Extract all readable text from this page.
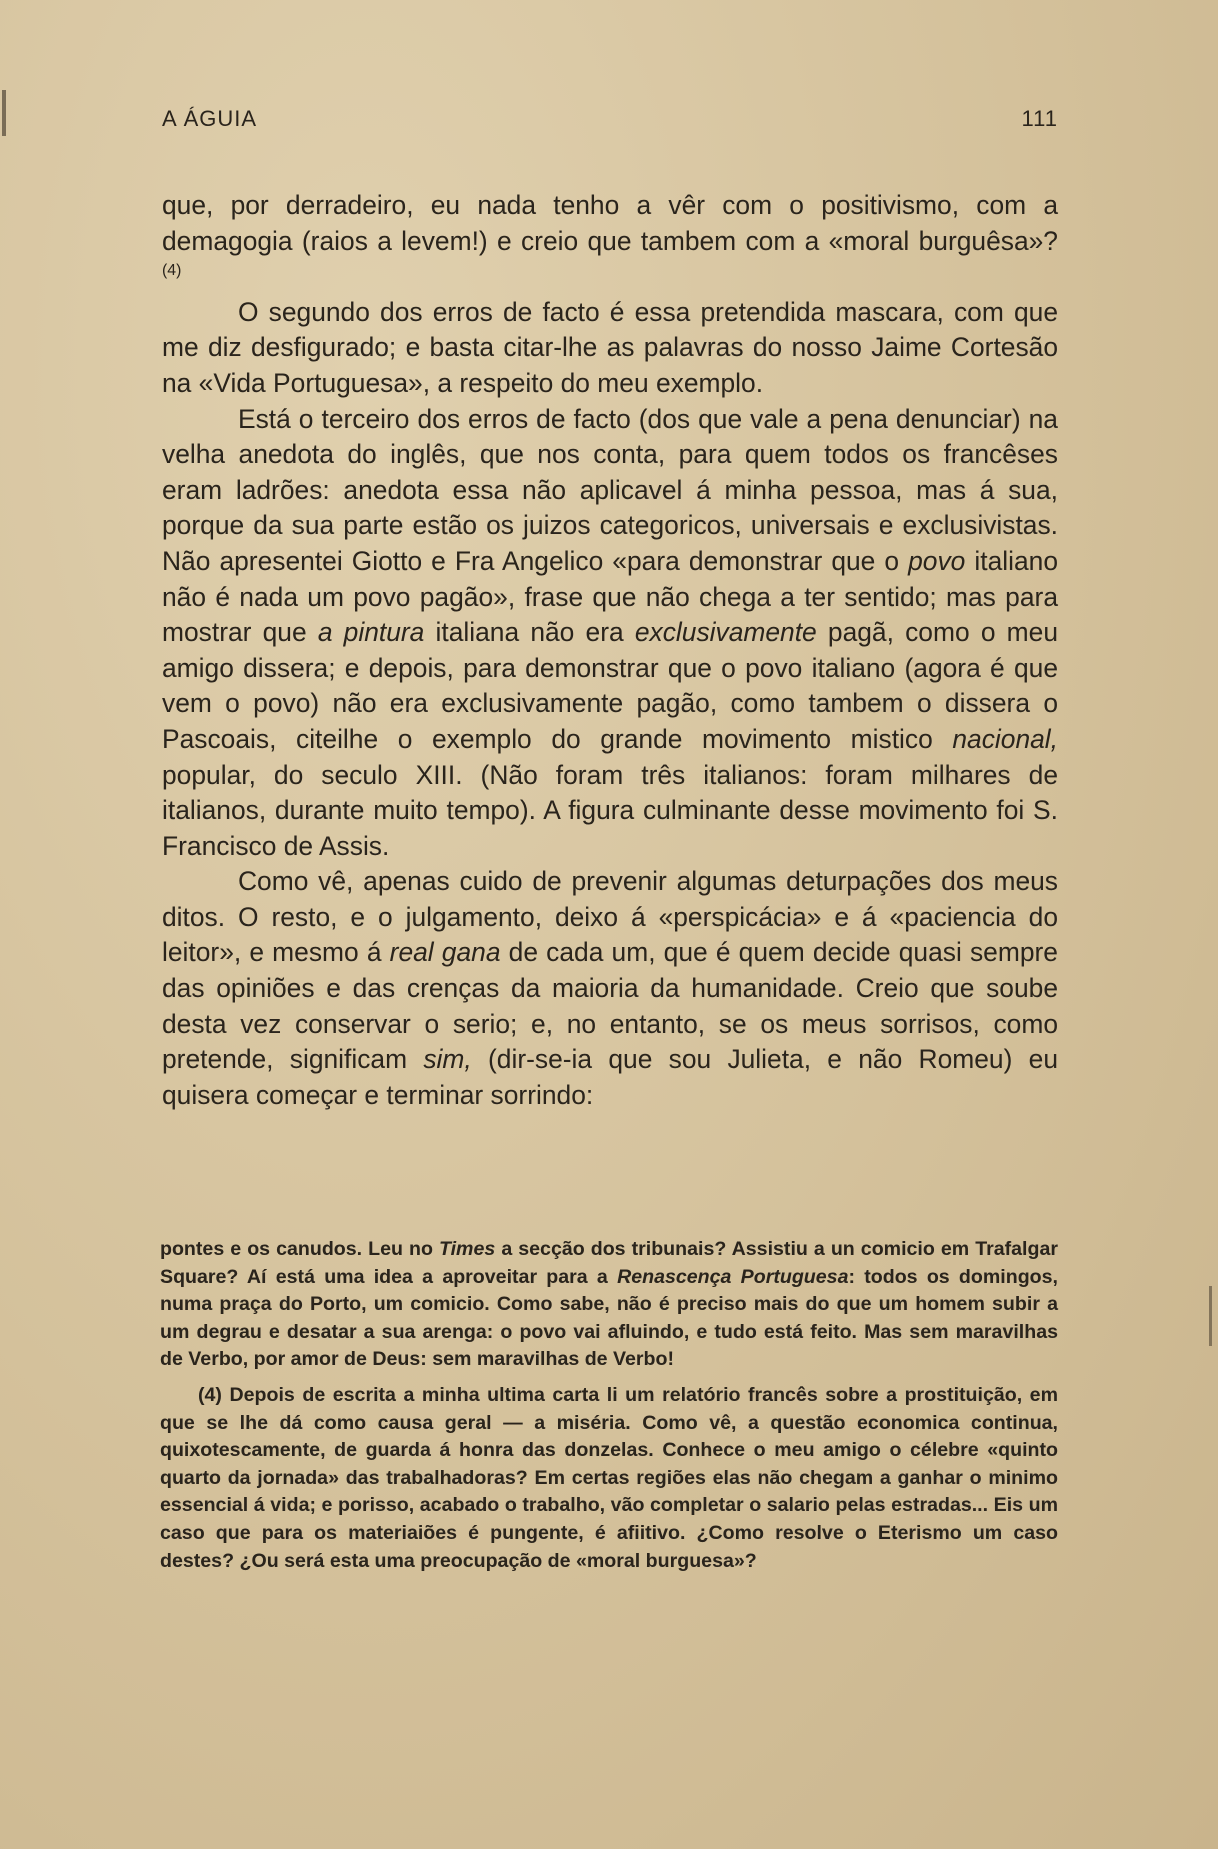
A ÁGUIA	111

que, por derradeiro, eu nada tenho a vêr com o positivismo, com a demagogia (raios a levem!) e creio que tambem com a «moral burguêsa»? $^{(4)}$

O segundo dos erros de facto é essa pretendida mascara, com que me diz desfigurado; e basta citar-lhe as palavras do nosso Jaime Cortesão na «Vida Portuguesa», a respeito do meu exemplo.

Está o terceiro dos erros de facto (dos que vale a pena denunciar) na velha anedota do inglês, que nos conta, para quem todos os francêses eram ladrões: anedota essa não aplicavel á minha pessoa, mas á sua, porque da sua parte estão os juizos categoricos, universais e exclusivistas. Não apresentei Giotto e Fra Angelico «para demonstrar que o povo italiano não é nada um povo pagão», frase que não chega a ter sentido; mas para mostrar que a pintura italiana não era exclusivamente pagã, como o meu amigo dissera; e depois, para demonstrar que o povo italiano (agora é que vem o povo) não era exclusivamente pagão, como tambem o dissera o Pascoais, citeilhe o exemplo do grande movimento mistico nacional, popular, do seculo XIII. (Não foram três italianos: foram milhares de italianos, durante muito tempo). A figura culminante desse movimento foi S. Francisco de Assis.

Como vê, apenas cuido de prevenir algumas deturpações dos meus ditos. O resto, e o julgamento, deixo á «perspicácia» e á «paciencia do leitor», e mesmo á real gana de cada um, que é quem decide quasi sempre das opiniões e das crenças da maioria da humanidade. Creio que soube desta vez conservar o serio; e, no entanto, se os meus sorrisos, como pretende, significam sim, (dir-se-ia que sou Julieta, e não Romeu) eu quisera começar e terminar sorrindo:

pontes e os canudos. Leu no Times a secção dos tribunais? Assistiu a un comicio em Trafalgar Square? Aí está uma idea a aproveitar para a Renascença Portuguesa: todos os domingos, numa praça do Porto, um comicio. Como sabe, não é preciso mais do que um homem subir a um degrau e desatar a sua arenga: o povo vai afluindo, e tudo está feito. Mas sem maravilhas de Verbo, por amor de Deus: sem maravilhas de Verbo!

(4) Depois de escrita a minha ultima carta li um relatório francês sobre a prostituição, em que se lhe dá como causa geral — a miséria. Como vê, a questão economica continua, quixotescamente, de guarda á honra das donzelas. Conhece o meu amigo o célebre «quinto quarto da jornada» das trabalhadoras? Em certas regiões elas não chegam a ganhar o minimo essencial á vida; e porisso, acabado o trabalho, vão completar o salario pelas estradas... Eis um caso que para os materiaiões é pungente, é afiitivo. ¿Como resolve o Eterismo um caso destes? ¿Ou será esta uma preocupação de «moral burguesa»?
